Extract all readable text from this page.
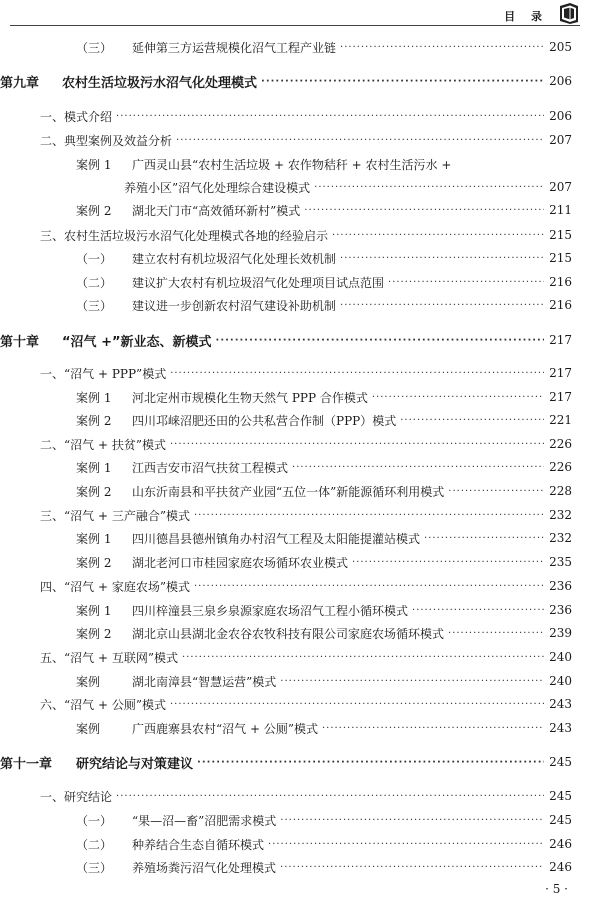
目 录
（三） 延伸第三方运营规模化沼气工程产业链 ·····	205
第九章 农村生活垃圾污水沼气化处理模式 ·····	206
一、模式介绍 ·····	206
二、典型案例及效益分析 ·····	207
案例 1 广西灵山县“农村生活垃圾 + 农作物秸秆 + 农村生活污水 +
养殖小区”沼气化处理综合建设模式 ·····	207
案例 2 湖北天门市“高效循环新村”模式 ·····	211
三、农村生活垃圾污水沼气化处理模式各地的经验启示 ·····	215
（一） 建立农村有机垃圾沼气化处理长效机制 ·····	215
（二） 建议扩大农村有机垃圾沼气化处理项目试点范围 ·····	216
（三） 建议进一步创新农村沼气建设补助机制 ·····	216
第十章 “沼气 +”新业态、新模式 ·····	217
一、“沼气 + PPP”模式 ·····	217
案例 1 河北定州市规模化生物天然气 PPP 合作模式 ·····	217
案例 2 四川邛崃沼肥还田的公共私营合作制（PPP）模式 ·····	221
二、“沼气 + 扶贫”模式 ·····	226
案例 1 江西吉安市沼气扶贫工程模式 ·····	226
案例 2 山东沂南县和平扶贫产业园“五位一体”新能源循环利用模式 ·····	228
三、“沼气 + 三产融合”模式 ·····	232
案例 1 四川德昌县德州镇角办村沼气工程及太阳能提灌站模式 ·····	232
案例 2 湖北老河口市桂园家庭农场循环农业模式 ·····	235
四、“沼气 + 家庭农场”模式 ·····	236
案例 1 四川梓潼县三泉乡泉源家庭农场沼气工程小循环模式 ·····	236
案例 2 湖北京山县湖北金农谷农牧科技有限公司家庭农场循环模式 ·····	239
五、“沼气 + 互联网”模式 ·····	240
案例	湖北南漳县“智慧运营”模式 ·····	240
六、“沼气 + 公厕”模式 ·····	243
案例	广西鹿寨县农村“沼气 + 公厕”模式 ·····	243
第十一章 研究结论与对策建议 ·····	245
一、研究结论 ·····	245
（一） “果—沼—畜”沼肥需求模式 ·····	245
（二） 种养结合生态自循环模式 ·····	246
（三） 养殖场粪污沼气化处理模式 ·····	246
· 5 ·
